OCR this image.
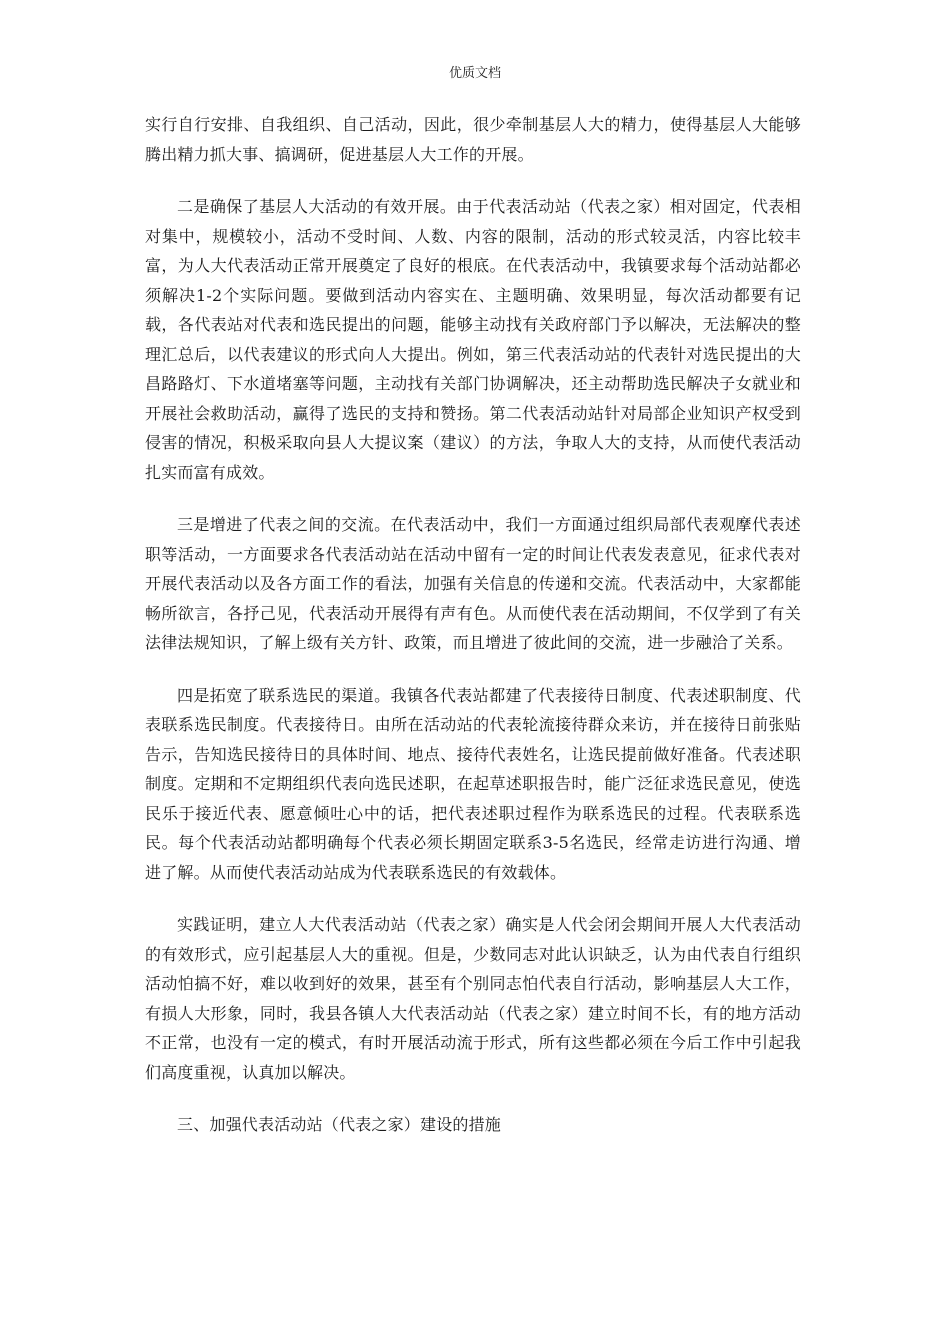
优质文档

实行自行安排、自我组织、自己活动，因此，很少牵制基层人大的精力，使得基层人大能够腾出精力抓大事、搞调研，促进基层人大工作的开展。

二是确保了基层人大活动的有效开展。由于代表活动站（代表之家）相对固定，代表相对集中，规模较小，活动不受时间、人数、内容的限制，活动的形式较灵活，内容比较丰富，为人大代表活动正常开展奠定了良好的根底。在代表活动中，我镇要求每个活动站都必须解决1-2个实际问题。要做到活动内容实在、主题明确、效果明显，每次活动都要有记载，各代表站对代表和选民提出的问题，能够主动找有关政府部门予以解决，无法解决的整理汇总后，以代表建议的形式向人大提出。例如，第三代表活动站的代表针对选民提出的大昌路路灯、下水道堵塞等问题，主动找有关部门协调解决，还主动帮助选民解决子女就业和开展社会救助活动，赢得了选民的支持和赞扬。第二代表活动站针对局部企业知识产权受到侵害的情况，积极采取向县人大提议案（建议）的方法，争取人大的支持，从而使代表活动扎实而富有成效。

三是增进了代表之间的交流。在代表活动中，我们一方面通过组织局部代表观摩代表述职等活动，一方面要求各代表活动站在活动中留有一定的时间让代表发表意见，征求代表对开展代表活动以及各方面工作的看法，加强有关信息的传递和交流。代表活动中，大家都能畅所欲言，各抒己见，代表活动开展得有声有色。从而使代表在活动期间，不仅学到了有关法律法规知识，了解上级有关方针、政策，而且增进了彼此间的交流，进一步融洽了关系。

四是拓宽了联系选民的渠道。我镇各代表站都建了代表接待日制度、代表述职制度、代表联系选民制度。代表接待日。由所在活动站的代表轮流接待群众来访，并在接待日前张贴告示，告知选民接待日的具体时间、地点、接待代表姓名，让选民提前做好准备。代表述职制度。定期和不定期组织代表向选民述职，在起草述职报告时，能广泛征求选民意见，使选民乐于接近代表、愿意倾吐心中的话，把代表述职过程作为联系选民的过程。代表联系选民。每个代表活动站都明确每个代表必须长期固定联系3-5名选民，经常走访进行沟通、增进了解。从而使代表活动站成为代表联系选民的有效载体。

实践证明，建立人大代表活动站（代表之家）确实是人代会闭会期间开展人大代表活动的有效形式，应引起基层人大的重视。但是，少数同志对此认识缺乏，认为由代表自行组织活动怕搞不好，难以收到好的效果，甚至有个别同志怕代表自行活动，影响基层人大工作，有损人大形象，同时，我县各镇人大代表活动站（代表之家）建立时间不长，有的地方活动不正常，也没有一定的模式，有时开展活动流于形式，所有这些都必须在今后工作中引起我们高度重视，认真加以解决。

三、加强代表活动站（代表之家）建设的措施
